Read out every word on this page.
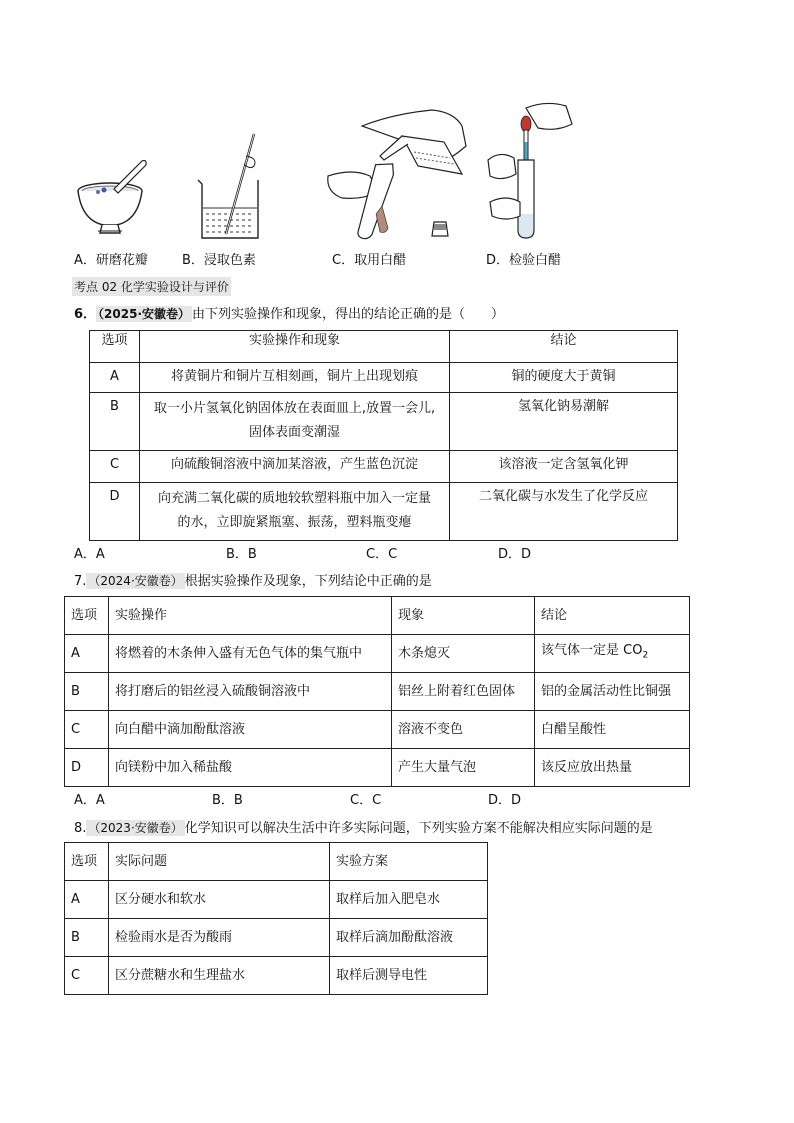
A．研磨花瓣	B．浸取色素	C．取用白醋	D．检验白醋
考点 02 化学实验设计与评价
6． （2025·安徽卷） 由下列实验操作和现象，得出的结论正确的是（　　）
选项	实验操作和现象	结论
A	将黄铜片和铜片互相刻画，铜片上出现划痕	铜的硬度大于黄铜
B	取一小片氢氧化钠固体放在表面皿上,放置一会儿,
固体表面变潮湿	氢氧化钠易潮解
C	向硫酸铜溶液中滴加某溶液，产生蓝色沉淀	该溶液一定含氢氧化钾
D	向充满二氧化碳的质地较软塑料瓶中加入一定量
的水，立即旋紧瓶塞、振荡，塑料瓶变瘪	二氧化碳与水发生了化学反应
A．A	B．B	C．C	D．D
7. （2024·安徽卷） 根据实验操作及现象，下列结论中正确的是
选项	实验操作	现象	结论
A	将燃着的木条伸入盛有无色气体的集气瓶中	木条熄灭	该气体一定是 $CO_2$
B	将打磨后的铝丝浸入硫酸铜溶液中	铝丝上附着红色固体	铝的金属活动性比铜强
C	向白醋中滴加酚酞溶液	溶液不变色	白醋呈酸性
D	向镁粉中加入稀盐酸	产生大量气泡	该反应放出热量
A．A	B．B	C．C	D．D
8. （2023·安徽卷） 化学知识可以解决生活中许多实际问题，下列实验方案不能解决相应实际问题的是
选项	实际问题	实验方案
A	区分硬水和软水	取样后加入肥皂水
B	检验雨水是否为酸雨	取样后滴加酚酞溶液
C	区分蔗糖水和生理盐水	取样后测导电性
